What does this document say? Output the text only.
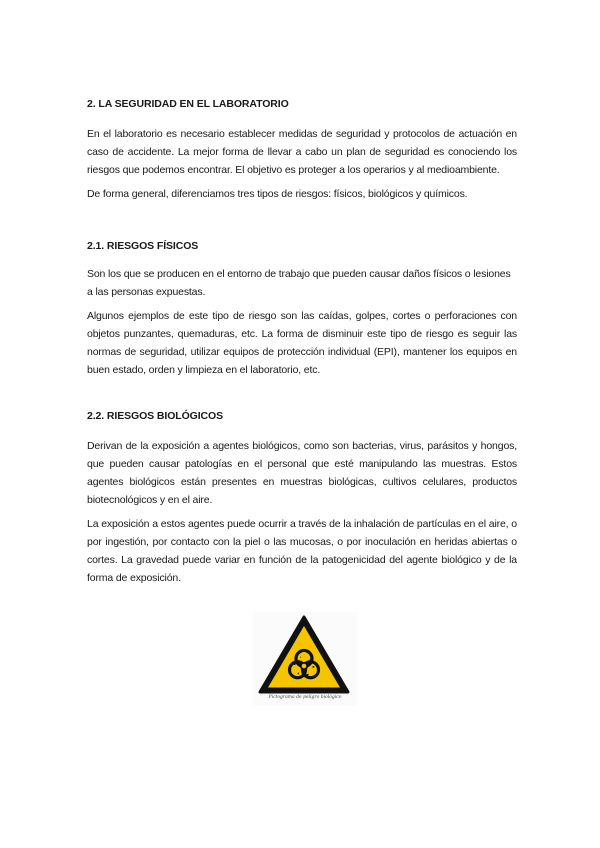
2. LA SEGURIDAD EN EL LABORATORIO

En el laboratorio es necesario establecer medidas de seguridad y protocolos de actuación en caso de accidente. La mejor forma de llevar a cabo un plan de seguridad es conociendo los riesgos que podemos encontrar. El objetivo es proteger a los operarios y al medioambiente.

De forma general, diferenciamos tres tipos de riesgos: físicos, biológicos y químicos.

2.1. RIESGOS FÍSICOS

Son los que se producen en el entorno de trabajo que pueden causar daños físicos o lesiones a las personas expuestas.

Algunos ejemplos de este tipo de riesgo son las caídas, golpes, cortes o perforaciones con objetos punzantes, quemaduras, etc. La forma de disminuir este tipo de riesgo es seguir las normas de seguridad, utilizar equipos de protección individual (EPI), mantener los equipos en buen estado, orden y limpieza en el laboratorio, etc.

2.2. RIESGOS BIOLÓGICOS

Derivan de la exposición a agentes biológicos, como son bacterias, virus, parásitos y hongos, que pueden causar patologías en el personal que esté manipulando las muestras. Estos agentes biológicos están presentes en muestras biológicas, cultivos celulares, productos biotecnológicos y en el aire.

La exposición a estos agentes puede ocurrir a través de la inhalación de partículas en el aire, o por ingestión, por contacto con la piel o las mucosas, o por inoculación en heridas abiertas o cortes. La gravedad puede variar en función de la patogenicidad del agente biológico y de la forma de exposición.

Pictograma de peligro biológico
